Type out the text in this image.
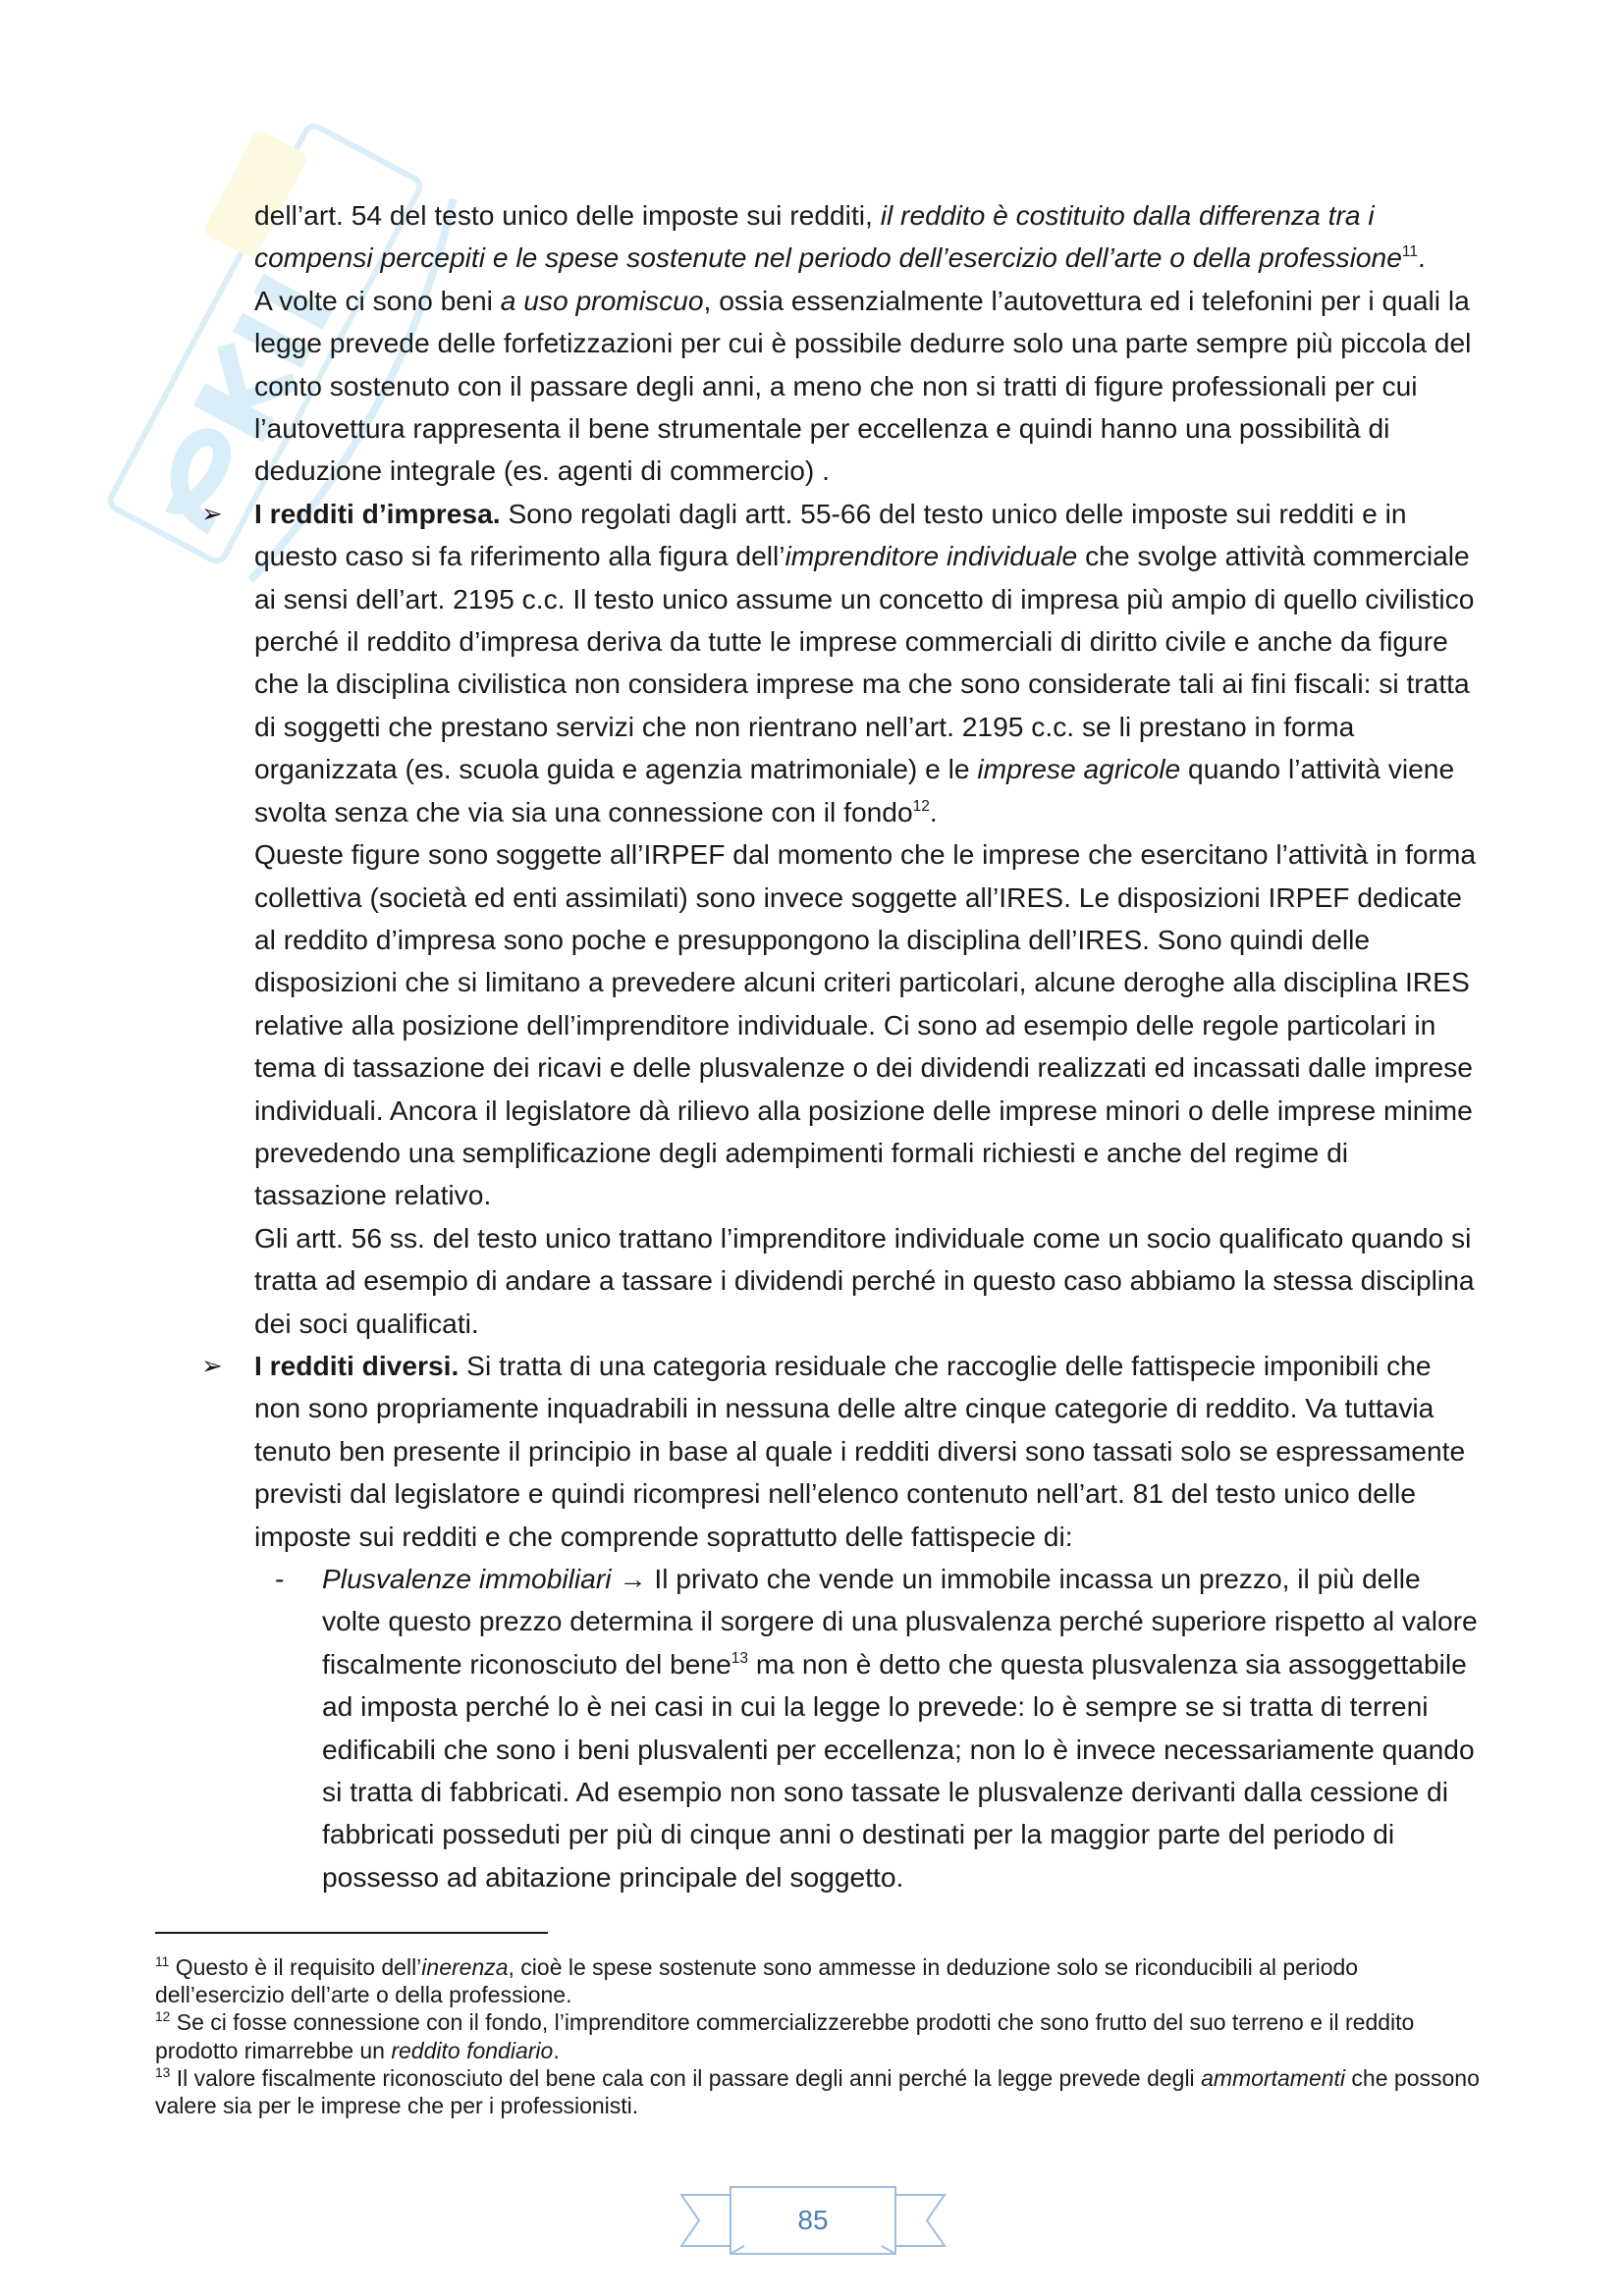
dell’art. 54 del testo unico delle imposte sui redditi, il reddito è costituito dalla differenza tra i compensi percepiti e le spese sostenute nel periodo dell’esercizio dell’arte o della professione$^{11}$.

A volte ci sono beni a uso promiscuo, ossia essenzialmente l’autovettura ed i telefonini per i quali la legge prevede delle forfetizzazioni per cui è possibile dedurre solo una parte sempre più piccola del conto sostenuto con il passare degli anni, a meno che non si tratti di figure professionali per cui l’autovettura rappresenta il bene strumentale per eccellenza e quindi hanno una possibilità di deduzione integrale (es. agenti di commercio) .

➢ I redditi d’impresa. Sono regolati dagli artt. 55-66 del testo unico delle imposte sui redditi e in questo caso si fa riferimento alla figura dell’imprenditore individuale che svolge attività commerciale ai sensi dell’art. 2195 c.c. Il testo unico assume un concetto di impresa più ampio di quello civilistico perché il reddito d’impresa deriva da tutte le imprese commerciali di diritto civile e anche da figure che la disciplina civilistica non considera imprese ma che sono considerate tali ai fini fiscali: si tratta di soggetti che prestano servizi che non rientrano nell’art. 2195 c.c. se li prestano in forma organizzata (es. scuola guida e agenzia matrimoniale) e le imprese agricole quando l’attività viene svolta senza che via sia una connessione con il fondo$^{12}$.

Queste figure sono soggette all’IRPEF dal momento che le imprese che esercitano l’attività in forma collettiva (società ed enti assimilati) sono invece soggette all’IRES. Le disposizioni IRPEF dedicate al reddito d’impresa sono poche e presuppongono la disciplina dell’IRES. Sono quindi delle disposizioni che si limitano a prevedere alcuni criteri particolari, alcune deroghe alla disciplina IRES relative alla posizione dell’imprenditore individuale. Ci sono ad esempio delle regole particolari in tema di tassazione dei ricavi e delle plusvalenze o dei dividendi realizzati ed incassati dalle imprese individuali. Ancora il legislatore dà rilievo alla posizione delle imprese minori o delle imprese minime prevedendo una semplificazione degli adempimenti formali richiesti e anche del regime di tassazione relativo.

Gli artt. 56 ss. del testo unico trattano l’imprenditore individuale come un socio qualificato quando si tratta ad esempio di andare a tassare i dividendi perché in questo caso abbiamo la stessa disciplina dei soci qualificati.

➢ I redditi diversi. Si tratta di una categoria residuale che raccoglie delle fattispecie imponibili che non sono propriamente inquadrabili in nessuna delle altre cinque categorie di reddito. Va tuttavia tenuto ben presente il principio in base al quale i redditi diversi sono tassati solo se espressamente previsti dal legislatore e quindi ricompresi nell’elenco contenuto nell’art. 81 del testo unico delle imposte sui redditi e che comprende soprattutto delle fattispecie di:

- Plusvalenze immobiliari → Il privato che vende un immobile incassa un prezzo, il più delle volte questo prezzo determina il sorgere di una plusvalenza perché superiore rispetto al valore fiscalmente riconosciuto del bene$^{13}$ ma non è detto che questa plusvalenza sia assoggettabile ad imposta perché lo è nei casi in cui la legge lo prevede: lo è sempre se si tratta di terreni edificabili che sono i beni plusvalenti per eccellenza; non lo è invece necessariamente quando si tratta di fabbricati. Ad esempio non sono tassate le plusvalenze derivanti dalla cessione di fabbricati posseduti per più di cinque anni o destinati per la maggior parte del periodo di possesso ad abitazione principale del soggetto.

$^{11}$ Questo è il requisito dell’inerenza, cioè le spese sostenute sono ammesse in deduzione solo se riconducibili al periodo dell’esercizio dell’arte o della professione.

$^{12}$ Se ci fosse connessione con il fondo, l’imprenditore commercializzerebbe prodotti che sono frutto del suo terreno e il reddito prodotto rimarrebbe un reddito fondiario.

$^{13}$ Il valore fiscalmente riconosciuto del bene cala con il passare degli anni perché la legge prevede degli ammortamenti che possono valere sia per le imprese che per i professionisti.

85
